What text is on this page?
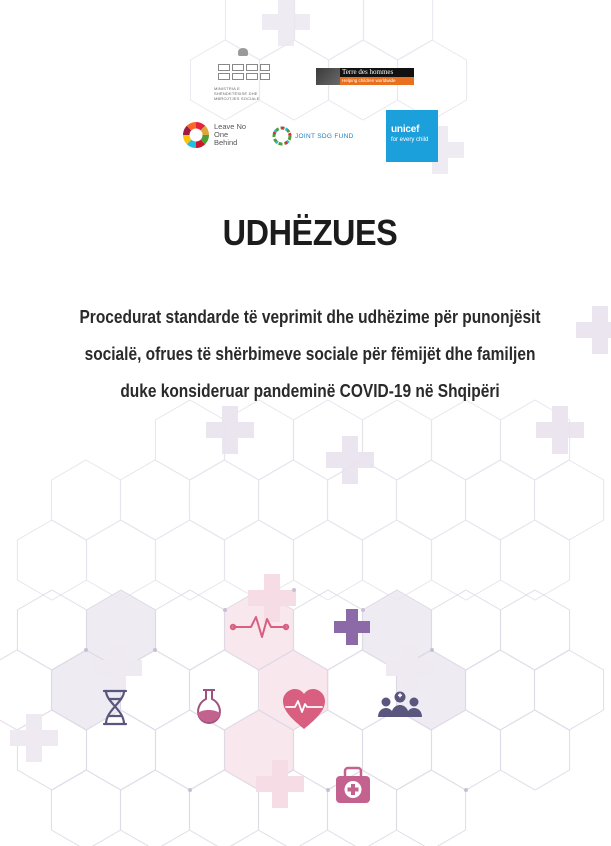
MINISTRIA E SHËNDETËSISË DHE MBROJTJES SOCIALE
Terre des hommes
Helping children worldwide
Leave No One Behind
JOINT SDG FUND
unicef
for every child
UDHËZUES
Procedurat standarde të veprimit dhe udhëzime për punonjësit
socialë, ofrues të shërbimeve sociale për fëmijët dhe familjen
duke konsideruar pandeminë COVID-19 në Shqipëri
